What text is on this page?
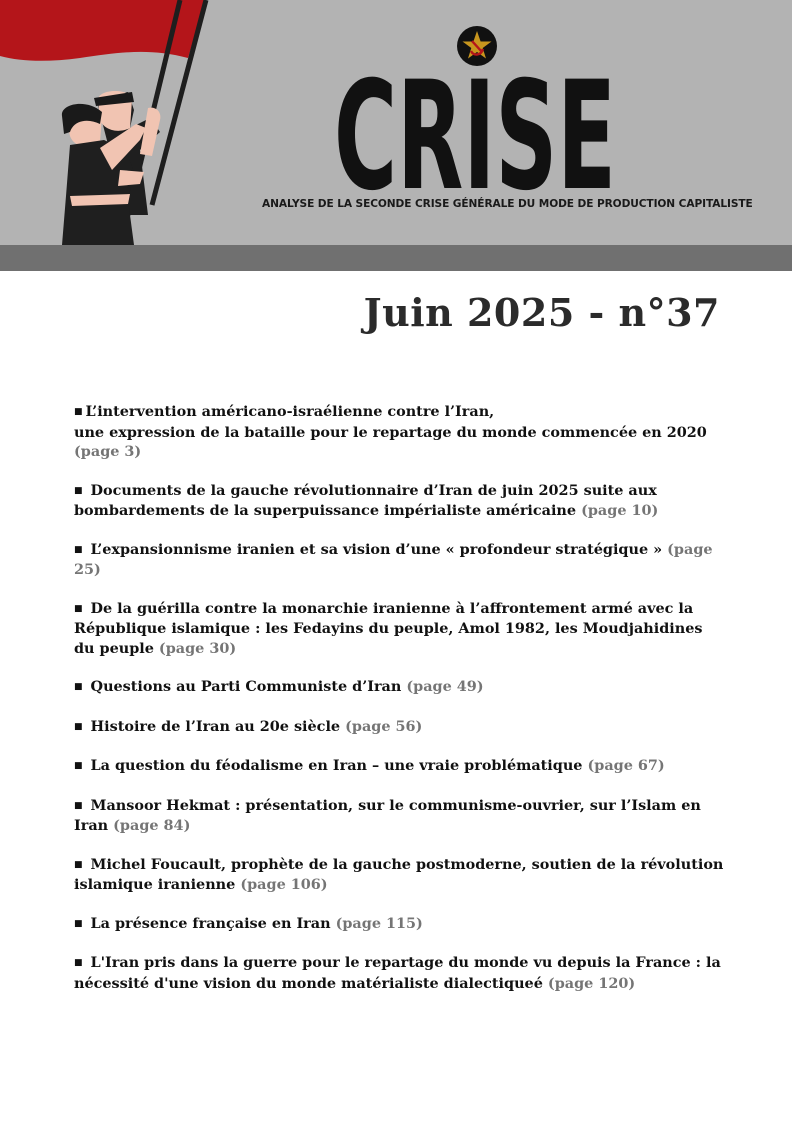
CRISE
ANALYSE DE LA SECONDE CRISE GÉNÉRALE DU MODE DE PRODUCTION CAPITALISTE
Juin 2025 - n°37
■ L’intervention américano-israélienne contre l’Iran,
une expression de la bataille pour le repartage du monde commencée en 2020 (page 3)
■ Documents de la gauche révolutionnaire d’Iran de juin 2025 suite aux bombardements de la superpuissance impérialiste américaine (page 10)
■ L’expansionnisme iranien et sa vision d’une « profondeur stratégique » (page 25)
■ De la guérilla contre la monarchie iranienne à l’affrontement armé avec la République islamique : les Fedayins du peuple, Amol 1982, les Moudjahidines du peuple (page 30)
■ Questions au Parti Communiste d’Iran (page 49)
■ Histoire de l’Iran au 20e siècle (page 56)
■ La question du féodalisme en Iran – une vraie problématique (page 67)
■ Mansoor Hekmat : présentation, sur le communisme-ouvrier, sur l’Islam en Iran (page 84)
■ Michel Foucault, prophète de la gauche postmoderne, soutien de la révolution islamique iranienne (page 106)
■ La présence française en Iran (page 115)
■ L'Iran pris dans la guerre pour le repartage du monde vu depuis la France : la nécessité d'une vision du monde matérialiste dialectiqueé (page 120)
